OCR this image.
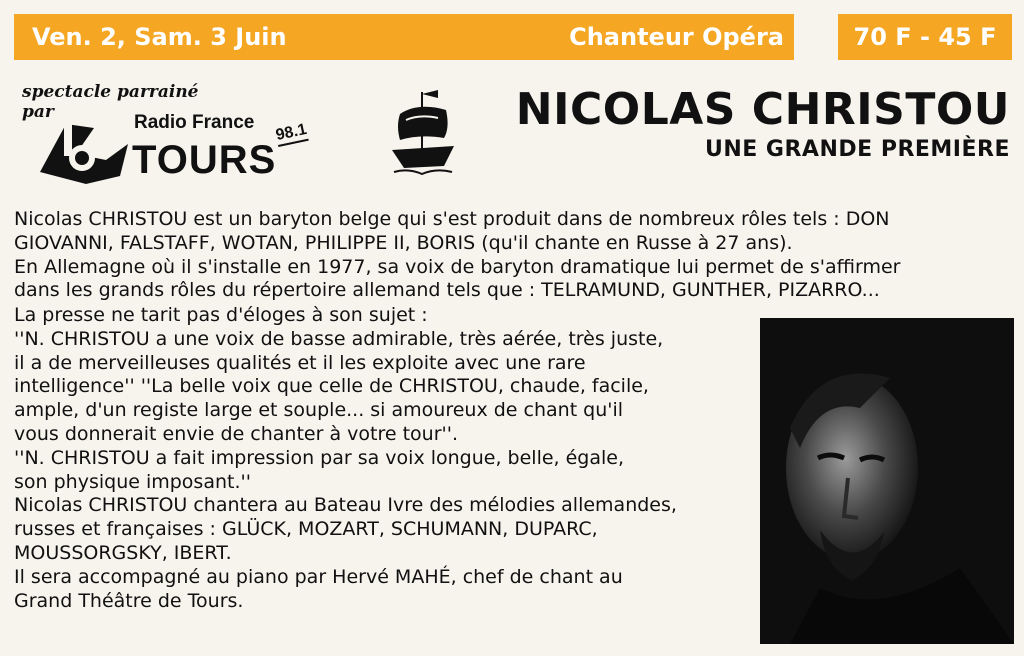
Ven. 2, Sam. 3 Juin	Chanteur Opéra	70 F - 45 F
spectacle parrainé
par	Radio France
TOURS
98.1	NICOLAS CHRISTOU
UNE GRANDE PREMIÈRE

Nicolas CHRISTOU est un baryton belge qui s'est produit dans de nombreux rôles tels : DON

GIOVANNI, FALSTAFF, WOTAN, PHILIPPE II, BORIS (qu'il chante en Russe à 27 ans).

En Allemagne où il s'installe en 1977, sa voix de baryton dramatique lui permet de s'affirmer

dans les grands rôles du répertoire allemand tels que : TELRAMUND, GUNTHER, PIZARRO...

La presse ne tarit pas d'éloges à son sujet :

''N. CHRISTOU a une voix de basse admirable, très aérée, très juste,

il a de merveilleuses qualités et il les exploite avec une rare

intelligence'' ''La belle voix que celle de CHRISTOU, chaude, facile,

ample, d'un registe large et souple... si amoureux de chant qu'il

vous donnerait envie de chanter à votre tour''.

''N. CHRISTOU a fait impression par sa voix longue, belle, égale,

son physique imposant.''

Nicolas CHRISTOU chantera au Bateau Ivre des mélodies allemandes,

russes et françaises : GLÜCK, MOZART, SCHUMANN, DUPARC,

MOUSSORGSKY, IBERT.

Il sera accompagné au piano par Hervé MAHÉ, chef de chant au

Grand Théâtre de Tours.
